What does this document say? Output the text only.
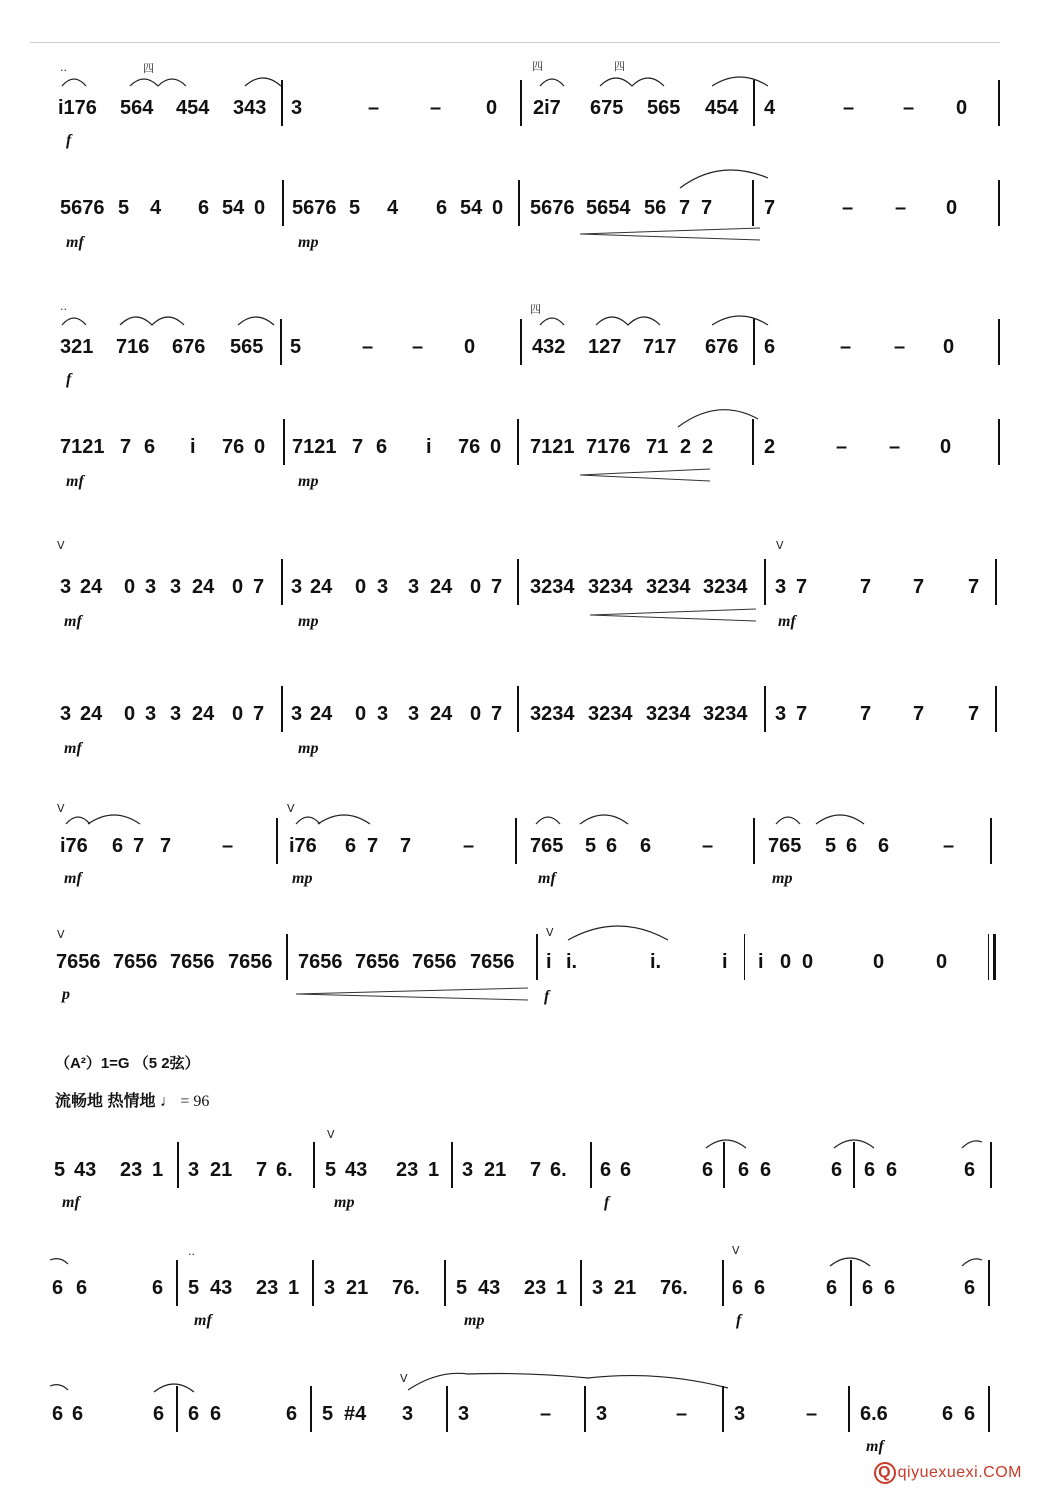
··	四	四	四
i176 564 454 343 3	–	– 0 2i7 675 565 454 4	– – 0
f
5676 5 4 6 54 0 5676 5 4 6 54 0 5676 5654 56 7 7	7	– – 0
mf	mp
··	四
321 716 676 565 5	– – 0	432 127 717 676 6	– – 0
f
7121 7 6 i 76 0 7121 7 6 i 76 0 7121 7176 71 2 2	2	– – 0
mf	mp
V	V
3 24 0 3 3 24 0 7 3 24 0 3 3 24 0 7 3234 3234 3234 3234 3 7	7 7 7
mf	mp	mf
3 24 0 3 3 24 0 7 3 24 0 3 3 24 0 7 3234 3234 3234 3234 3 7	7 7 7
mf	mp
V	V
i76 6 7 7	–	i76 6 7 7	–	765 5 6 6	–	765 5 6 6	–
mf	mp	mf	mp
V	V
7656 7656 7656 7656 7656 7656 7656 7656 i i.	i.	i i 0 0	0	0
p	f
（A²）1=G （5 2弦）
流畅地 热情地 ♩ = 96
V
5 43 23 1 3 21 7 6. 5 43 23 1 3 21 7 6. 6 6	6 6 6	6 6 6	6
mf	mp	f
··	V
6 6	6 5 43 23 1 3 21 76. 5 43 23 1 3 21 76. 6 6	6 6 6	6
mf	mp	f
V
6 6	6 6 6	6 5 #4 3 3	– 3	– 3	– 6.6	6 6
mf
Q qiyuexuexi.COM
